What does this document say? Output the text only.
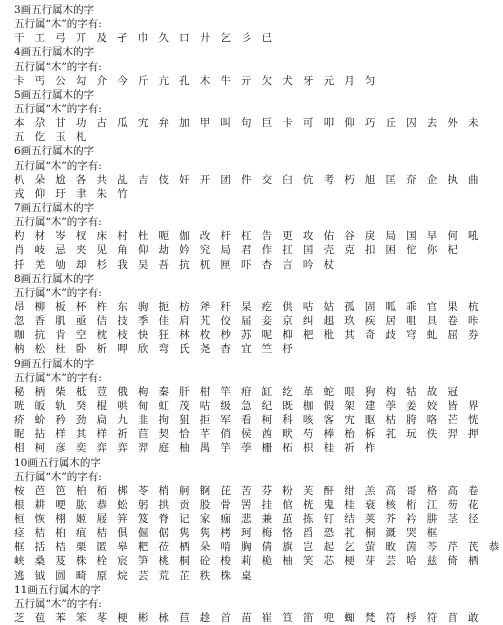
3画五行属木的字
五行属“木”的字有:
干 工 弓 丌 及 孑 巾 久 口 廾 乞 彡 已
4画五行属木的字
五行属“木”的字有:
卡 丐 公 勾 介 今 斤 亢 孔 木 牛 亓 欠 犬 牙 元 月 匀
5画五行属木的字
五行属“木”的字有:
本 尕 甘 功 古 瓜 宄 弁 加 甲 叫 句 巨 卡 可 叩 仰 巧 丘 囚 去 外 未
五 仡 玉 札
6画五行属木的字
五行属“木”的字有:
朳 朵 尬 各 共 乩 吉 伎 奸 开 团 件 交 臼 伉 考 朽 旭 匡 夼 企 执 曲
戎 仰 玗 聿 朱 竹
7画五行属木的字
五行属“木”的字有:
杓 材 岑 杈 床 村 杜 呃 伽 改 杆 杠 告 更 攻 佑 谷 戾 局 国 早 何 吼
肖 岐 忌 夹 见 角 仰 劫 妗 究 局 君 作 扛 囯 壳 克 扣 困 佗 你 杞
扦 羌 劬 却 杉 我 吴 吾 抗 杌 匣 吓 杏 言 吟 杖
8画五行属木的字
五行属“木”的字有:
昂 柳 板 杯 杵 东 驹 扼 枋 斧 秆 杲 疙 供 咕 姑 孤 固 呱 乖 官 果 杭
忽 香 肌 亟 佶 技 季 佳 肩 艽 佼 届 妾 京 纠 趄 玖 疾 居 咀 具 卷 咔
咖 抗 肯 空 枕 枝 快 狂 林 枚 杪 苏 呢 枊 杷 枇 其 奇 歧 穹 虬 屈 券
枘 松 杜 卧 析 呷 欣 弯 氏 尧 杳 宜 竺 杼
9画五行属木的字
五行属“木”的字有:
秘 柄 柴 柢 荳 俄 枸 秦 肝 柑 竿 疳 缸 纥 革 蛇 哏 狗 构 牯 故 冠
咣 皈 轨 癸 棍 哄 甸 虹 茂 咕 级 急 纪 既 枷 假 架 建 荸 姜 姣 皆 界
疥 蚧 矜 劲 扃 九 韭 拘 狙 拒 军 看 柯 科 咳 客 宄 眍 枯 胯 咯 芒 恍
昵 拈 样 其 样 祈 苣 契 恰 芊 俏 侯 酋 畎 芍 棒 枱 柝 芤 玩 佚 羿 押
相 柯 彦 奕 弈 弈 羿 庭 柚 禺 竽 荸 栅 柘 枳 桂 祈 柞
10画五行属木的字
五行属“木”的字有:
桉 芭 笆 柏 栢 梆 苓 梢 舸 锕 芘 苦 芬 粉 芙 酐 绀 羔 高 哥 格 高 卷
根 耕 哽 肱 恭 蚣 躬 拱 贡 股 骨 罟 挂 倌 桄 鬼 桂 衰 核 桁 江 芴 花
桓 恢 栩 姬 屐 笄 笈 脊 记 家 痂 悲 兼 茧 拣 钉 结 荚 芥 衿 肼 茎 径
痉 桔 桕 疽 桔 俱 倔 倨 隽 隽 栲 珂 梅 恪 舀 恐 芤 桐 溉 哭 框
框 括 桔 栗 匿 皋 粑 莅 栖 朵 啃 胸 倩 旗 岂 起 乞 萤 畋 茵 芩 芹 芪 恭
峡 桑 芨 株 栓 宸 笋 桃 桐 砼 梭 莉 桅 柚 笑 芯 梗 芽 芸 哈 兹 倚 栖
逃 钺 圆 畸 原 烷 芸 荒 芷 秩 株 桌
11画五行属木的字
五行属“木”的字有:
芝 苞 苯 笨 苳 梗 彬 栐 苣 趁 首 苗 崔 笪 笛 兜 蜘 梵 符 桴 符 苜 敢
